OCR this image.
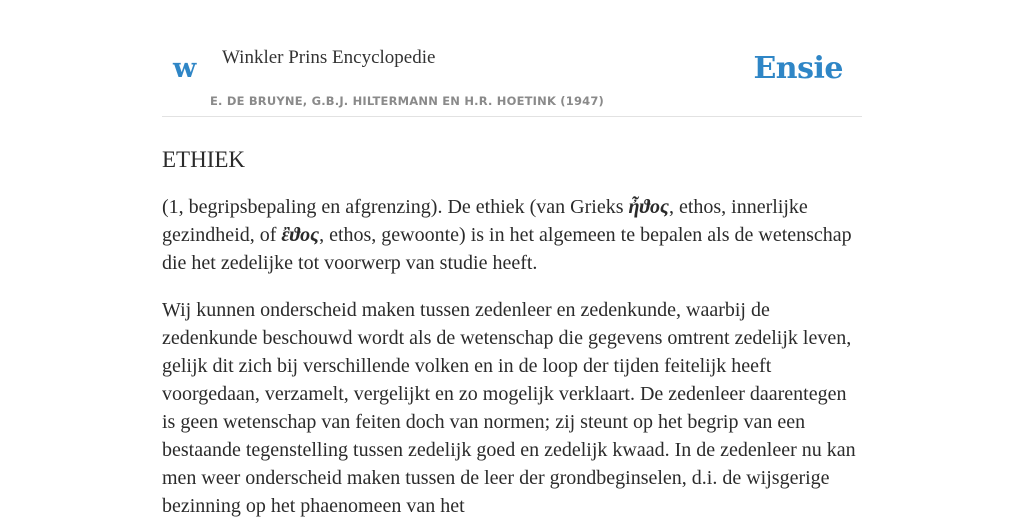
w Winkler Prins Encyclopedie
E. DE BRUYNE, G.B.J. HILTERMANN EN H.R. HOETINK (1947)
Ensie
ETHIEK

(1, begripsbepaling en afgrenzing). De ethiek (van Grieks ἦϑος, ethos, innerlijke gezindheid, of ἒϑος, ethos, gewoonte) is in het algemeen te bepalen als de wetenschap die het zedelijke tot voorwerp van studie heeft.

Wij kunnen onderscheid maken tussen zedenleer en zedenkunde, waarbij de zedenkunde beschouwd wordt als de wetenschap die gegevens omtrent zedelijk leven, gelijk dit zich bij verschillende volken en in de loop der tijden feitelijk heeft voorgedaan, verzamelt, vergelijkt en zo mogelijk verklaart. De zedenleer daarentegen is geen wetenschap van feiten doch van normen; zij steunt op het begrip van een bestaande tegenstelling tussen zedelijk goed en zedelijk kwaad. In de zedenleer nu kan men weer onderscheid maken tussen de leer der grondbeginselen, d.i. de wijsgerige bezinning op het phaenomeen van het
